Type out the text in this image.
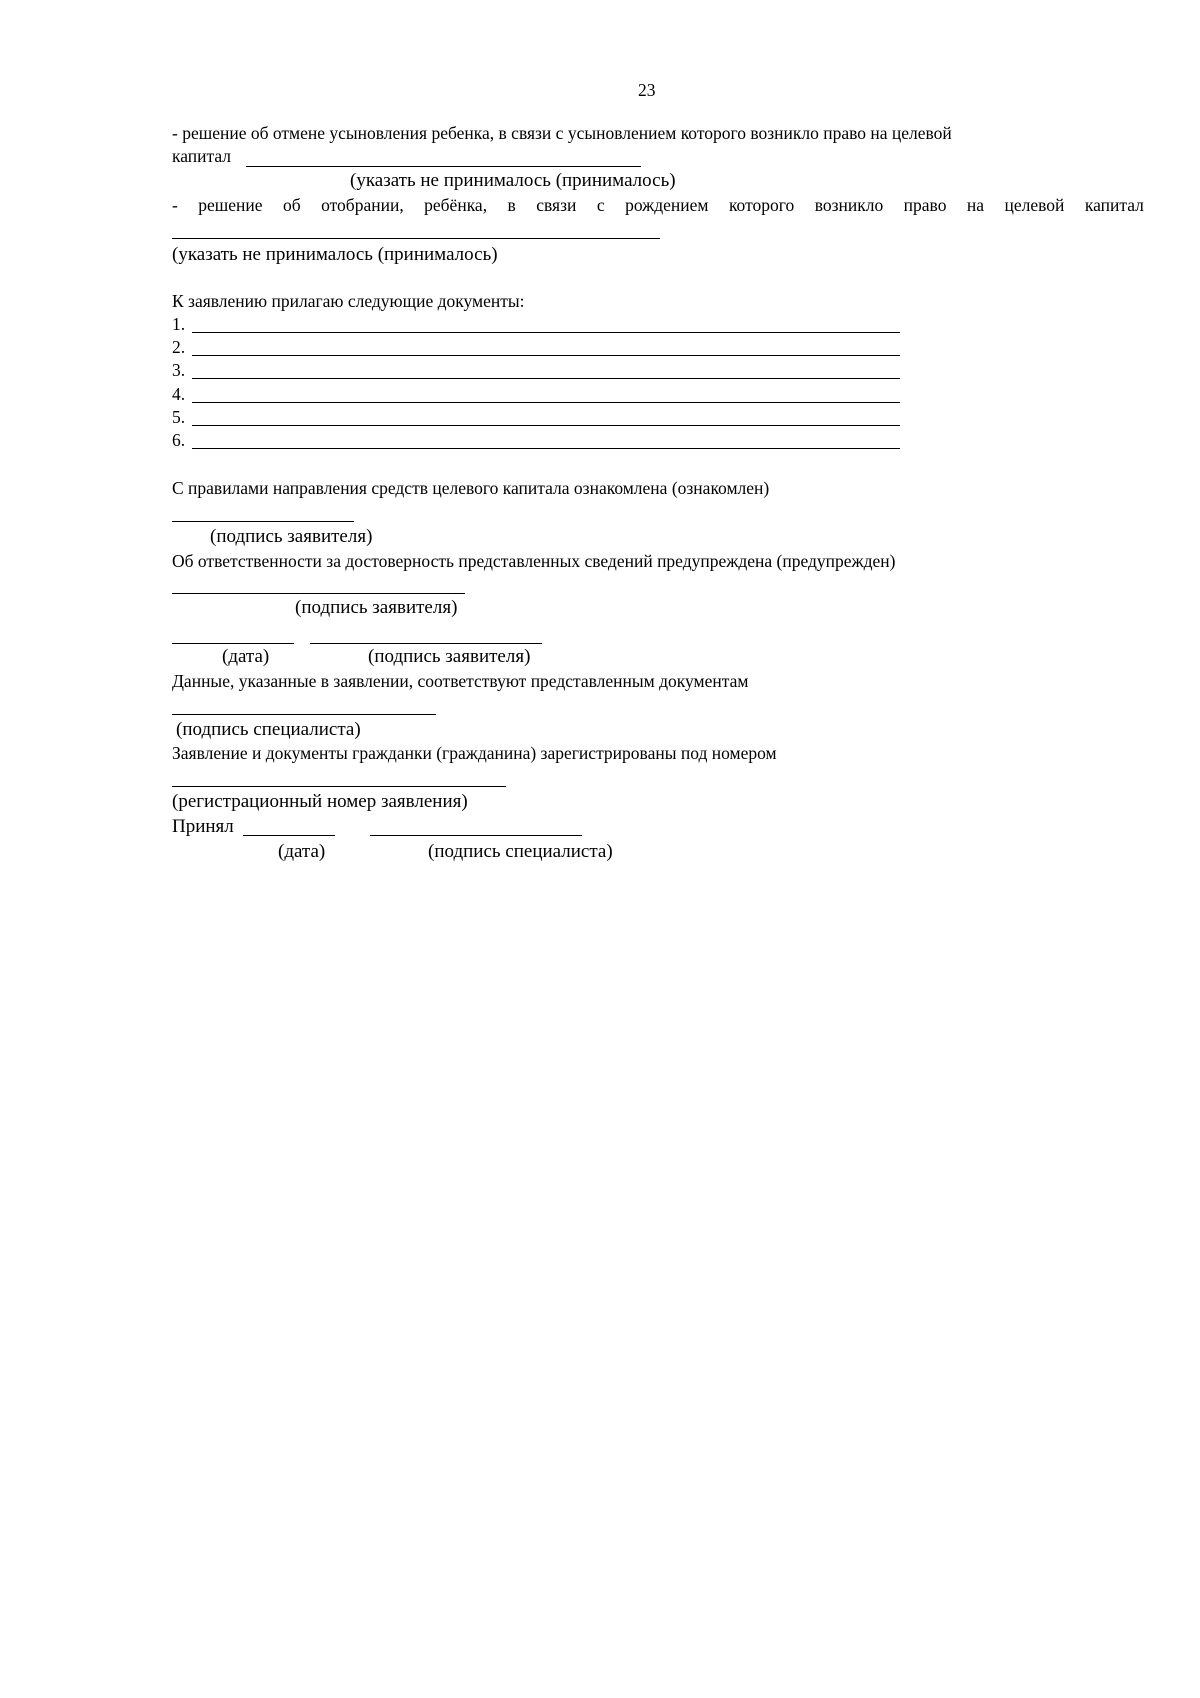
23
- решение об отмене усыновления ребенка, в связи с усыновлением которого возникло право на целевой
капитал
(указать не принималось (принималось)
- решение об отобрании, ребёнка, в связи с рождением которого возникло право на целевой капитал
(указать не принималось (принималось)
К заявлению прилагаю следующие документы:
1.
2.
3.
4.
5.
6.
С правилами направления средств целевого капитала ознакомлена (ознакомлен)
(подпись заявителя)
Об ответственности за достоверность представленных сведений предупреждена (предупрежден)
(подпись заявителя)
(дата)	(подпись заявителя)
Данные, указанные в заявлении, соответствуют представленным документам
(подпись специалиста)
Заявление и документы гражданки (гражданина) зарегистрированы под номером
(регистрационный номер заявления)
Принял
(дата)	(подпись специалиста)
